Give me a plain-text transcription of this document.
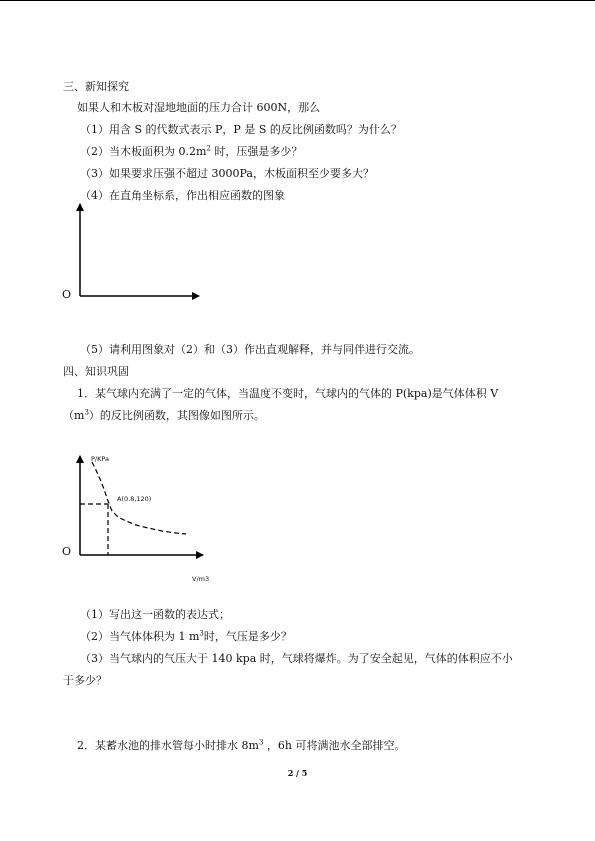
三、新知探究
如果人和木板对湿地地面的压力合计 600N，那么
（1）用含 S 的代数式表示 P，P 是 S 的反比例函数吗？为什么？
（2）当木板面积为 $0.2m^2$ 时，压强是多少？
（3）如果要求压强不超过 3000Pa，木板面积至少要多大？
（4）在直角坐标系，作出相应函数的图象
O
（5）请利用图象对（2）和（3）作出直观解释，并与同伴进行交流。
四、知识巩固
1．某气球内充满了一定的气体，当温度不变时，气球内的气体的 P(kpa)是气体体积 V
$(m^3)$的反比例函数，其图像如图所示。
P/KPa
A(0.8,120)
O
V/m3
（1）写出这一函数的表达式；
（2）当气体体积为 1 $m^3$时，气压是多少？
（3）当气球内的气压大于 140 kpa 时，气球将爆炸。为了安全起见，气体的体积应不小
于多少？
2．某蓄水池的排水管每小时排水 $8m^3$ ，6h 可将满池水全部排空。
2 / 5
